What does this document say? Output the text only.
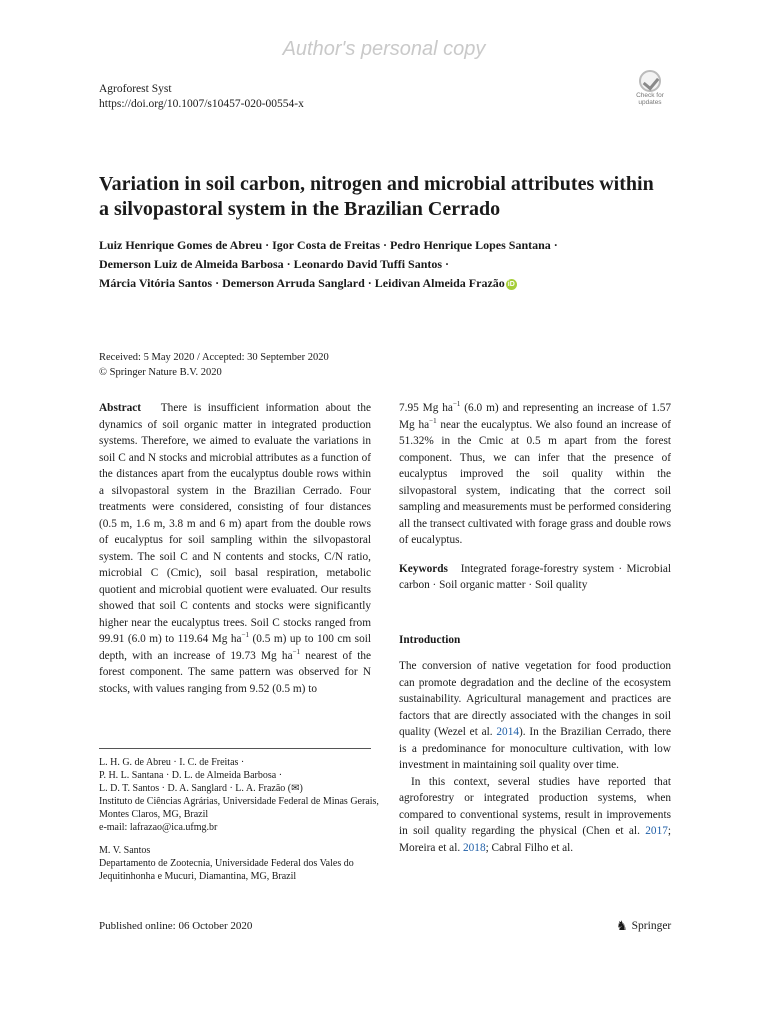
Author's personal copy
Agroforest Syst
https://doi.org/10.1007/s10457-020-00554-x
Check for
updates
Variation in soil carbon, nitrogen and microbial attributes within a silvopastoral system in the Brazilian Cerrado
Luiz Henrique Gomes de Abreu · Igor Costa de Freitas · Pedro Henrique Lopes Santana ·
Demerson Luiz de Almeida Barbosa · Leonardo David Tuffi Santos ·
Márcia Vitória Santos · Demerson Arruda Sanglard · Leidivan Almeida Frazão iD
Received: 5 May 2020 / Accepted: 30 September 2020
© Springer Nature B.V. 2020

Abstract There is insufficient information about the dynamics of soil organic matter in integrated production systems. Therefore, we aimed to evaluate the variations in soil C and N stocks and microbial attributes as a function of the distances apart from the eucalyptus double rows within a silvopastoral system in the Brazilian Cerrado. Four treatments were considered, consisting of four distances (0.5 m, 1.6 m, 3.8 m and 6 m) apart from the double rows of eucalyptus for soil sampling within the silvopastoral system. The soil C and N contents and stocks, C/N ratio, microbial C (Cmic), soil basal respiration, metabolic quotient and microbial quotient were evaluated. Our results showed that soil C contents and stocks were significantly higher near the eucalyptus trees. Soil C stocks ranged from 99.91 (6.0 m) to 119.64 Mg $ha^{-1}$ (0.5 m) up to 100 cm soil depth, with an increase of 19.73 Mg $ha^{-1}$ nearest of the forest component. The same pattern was observed for N stocks, with values ranging from 9.52 (0.5 m) to

L. H. G. de Abreu · I. C. de Freitas ·
P. H. L. Santana · D. L. de Almeida Barbosa ·
L. D. T. Santos · D. A. Sanglard · L. A. Frazão (✉)
Instituto de Ciências Agrárias, Universidade Federal de Minas Gerais, Montes Claros, MG, Brazil
e-mail: lafrazao@ica.ufmg.br
M. V. Santos
Departamento de Zootecnia, Universidade Federal dos Vales do Jequitinhonha e Mucuri, Diamantina, MG, Brazil

7.95 Mg $ha^{-1}$ (6.0 m) and representing an increase of 1.57 Mg $ha^{-1}$ near the eucalyptus. We also found an increase of 51.32% in the Cmic at 0.5 m apart from the forest component. Thus, we can infer that the presence of eucalyptus improved the soil quality within the silvopastoral system, indicating that the correct soil sampling and measurements must be performed considering all the transect cultivated with forage grass and double rows of eucalyptus.

Keywords Integrated forage-forestry system · Microbial carbon · Soil organic matter · Soil quality

Introduction

The conversion of native vegetation for food production can promote degradation and the decline of the ecosystem sustainability. Agricultural management and practices are factors that are directly associated with the changes in soil quality (Wezel et al. 2014). In the Brazilian Cerrado, there is a predominance for monoculture cultivation, with low investment in maintaining soil quality over time.

In this context, several studies have reported that agroforestry or integrated production systems, when compared to conventional systems, result in improvements in soil quality regarding the physical (Chen et al. 2017; Moreira et al. 2018; Cabral Filho et al.

Published online: 06 October 2020	♞ Springer
